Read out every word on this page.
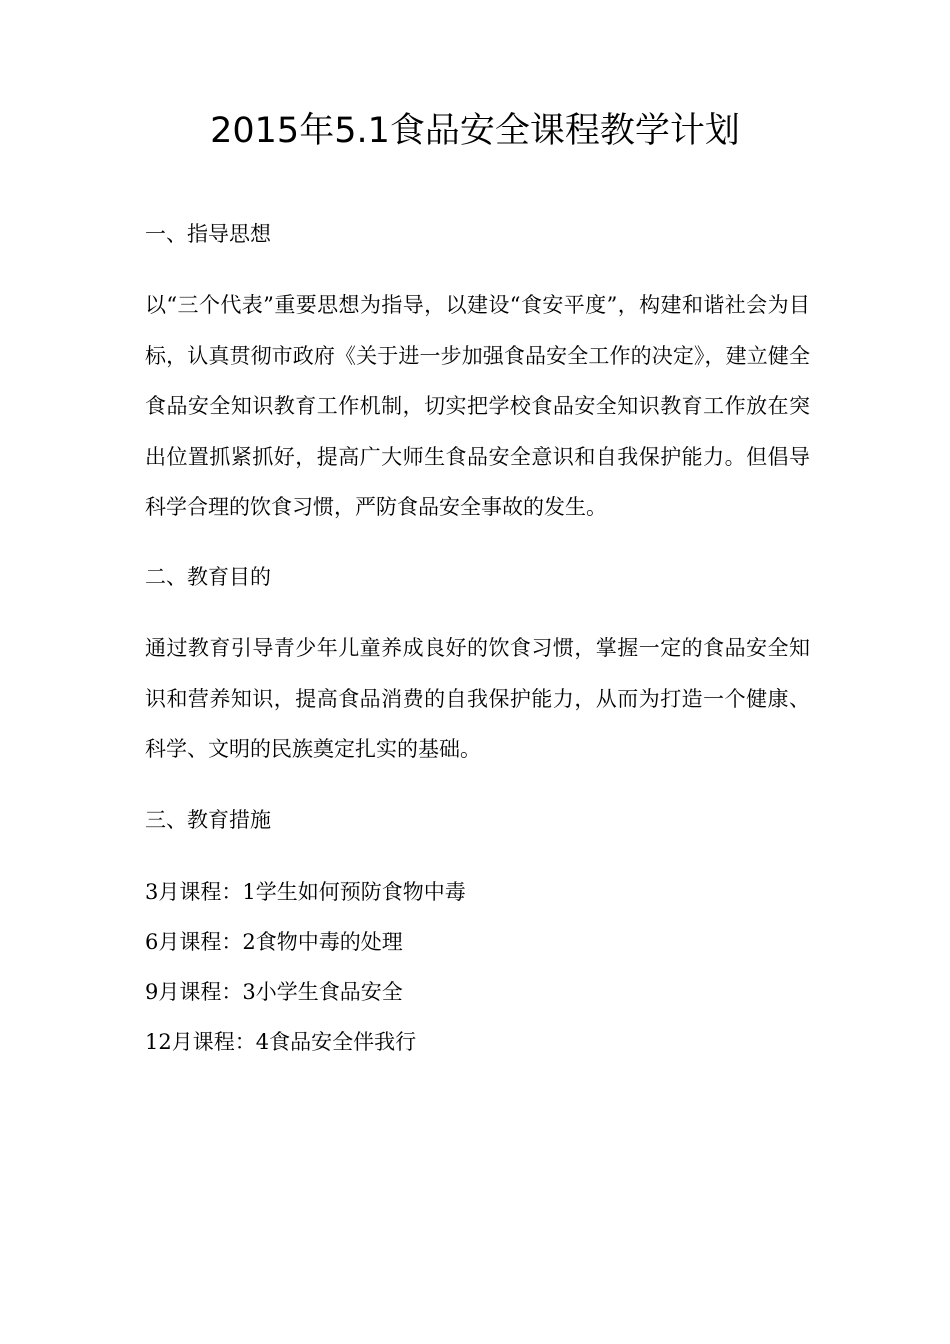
2015年5.1食品安全课程教学计划
一、指导思想
以“三个代表”重要思想为指导，以建设“食安平度”，构建和谐社会为目标，认真贯彻市政府《关于进一步加强食品安全工作的决定》，建立健全食品安全知识教育工作机制，切实把学校食品安全知识教育工作放在突出位置抓紧抓好，提高广大师生食品安全意识和自我保护能力。但倡导科学合理的饮食习惯，严防食品安全事故的发生。
二、教育目的
通过教育引导青少年儿童养成良好的饮食习惯，掌握一定的食品安全知识和营养知识，提高食品消费的自我保护能力，从而为打造一个健康、科学、文明的民族奠定扎实的基础。
三、教育措施
3月课程：1学生如何预防食物中毒
6月课程：2食物中毒的处理
9月课程：3小学生食品安全
12月课程：4食品安全伴我行
